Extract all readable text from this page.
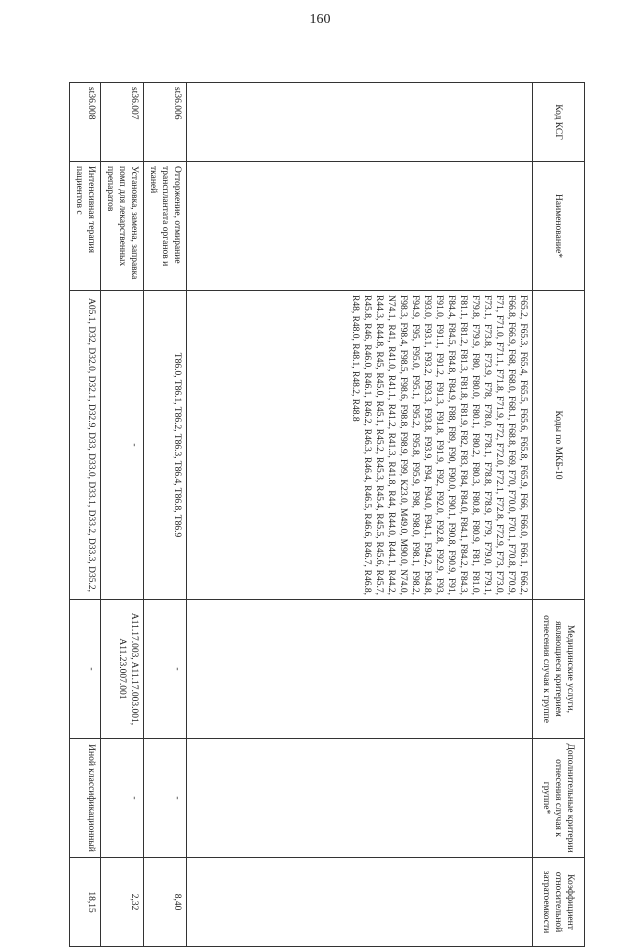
160
Код КСГ	Наименование*	Коды по МКБ-10	Медицинские услуги, являющиеся критерием отнесения случая к группе	Дополнительные критерии отнесения случая к группе*	Коэффициент относительной затратоемкости
		F65.2, F65.3, F65.4, F65.5, F65.6, F65.8, F65.9, F66, F66.0, F66.1, F66.2, F66.8, F66.9, F68, F68.0, F68.1, F68.8, F69, F70, F70.0, F70.1, F70.8, F70.9, F71, F71.0, F71.1, F71.8, F71.9, F72, F72.0, F72.1, F72.8, F72.9, F73, F73.0, F73.1, F73.8, F73.9, F78, F78.0, F78.1, F78.8, F78.9, F79, F79.0, F79.1, F79.8, F79.9, F80, F80.0, F80.1, F80.2, F80.3, F80.8, F80.9, F81, F81.0, F81.1, F81.2, F81.3, F81.8, F81.9, F82, F83, F84, F84.0, F84.1, F84.2, F84.3, F84.4, F84.5, F84.8, F84.9, F88, F89, F90, F90.0, F90.1, F90.8, F90.9, F91, F91.0, F91.1, F91.2, F91.3, F91.8, F91.9, F92, F92.0, F92.8, F92.9, F93, F93.0, F93.1, F93.2, F93.3, F93.8, F93.9, F94, F94.0, F94.1, F94.2, F94.8, F94.9, F95, F95.0, F95.1, F95.2, F95.8, F95.9, F98, F98.0, F98.1, F98.2, F98.3, F98.4, F98.5, F98.6, F98.8, F98.9, F99, K23.0, M49.0, M90.0, N74.0, N74.1, R41, R41.0, R41.1, R41.2, R41.3, R41.8, R44, R44.0, R44.1, R44.2, R44.3, R44.8, R45, R45.0, R45.1, R45.2, R45.3, R45.4, R45.5, R45.6, R45.7, R45.8, R46, R46.0, R46.1, R46.2, R46.3, R46.4, R46.5, R46.6, R46.7, R46.8, R48, R48.0, R48.1, R48.2, R48.8			
st36.006	Отторжение, отмирание трансплантата органов и тканей	T86.0, T86.1, T86.2, T86.3, T86.4, T86.8, T86.9	-	-	8,40
st36.007	Установка, замена, заправка помп для лекарственных препаратов	-	A11.17.003, A11.17.003.001, A11.23.007.001	-	2,32
st36.008	Интенсивная терапия пациентов с	A05.1, D32, D32.0, D32.1, D32.9, D33, D33.0, D33.1, D33.2, D33.3, D35.2,	-	Иной классификационный	18,15
